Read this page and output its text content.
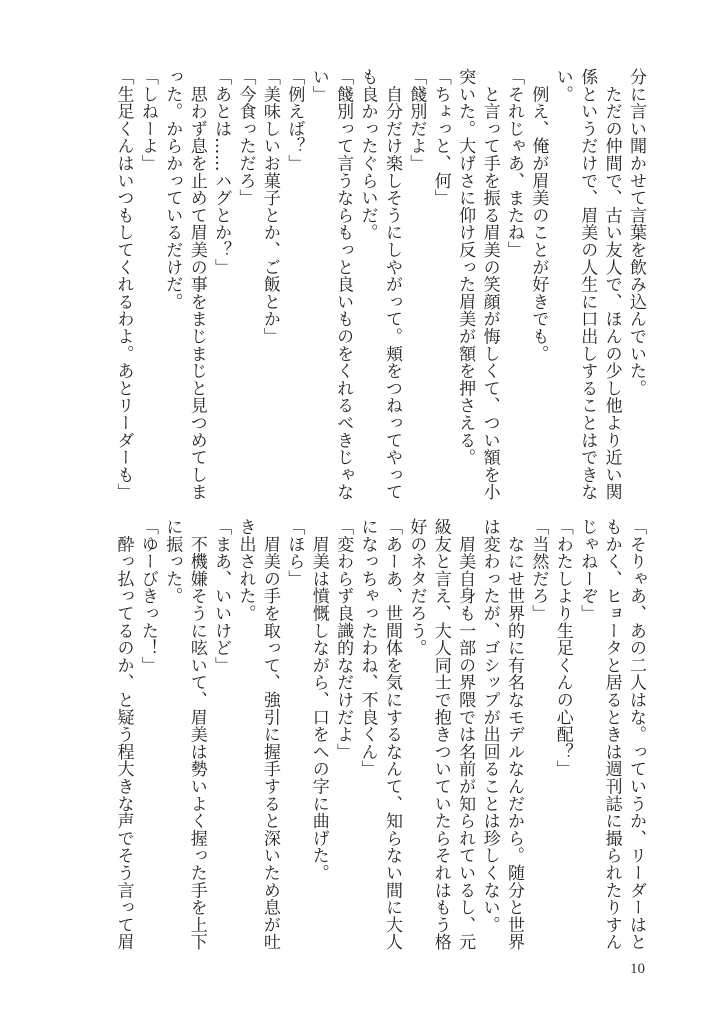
分に言い聞かせて言葉を飲み込んでいた。
　ただの仲間で、古い友人で、ほんの少し他より近い関
係というだけで、眉美の人生に口出しすることはできな
い。
　例え、俺が眉美のことが好きでも。
「それじゃあ、またね」
　と言って手を振る眉美の笑顔が悔しくて、つい額を小
突いた。大げさに仰け反った眉美が額を押さえる。
「ちょっと、何」
「餞別だよ」
　自分だけ楽しそうにしやがって。頬をつねってやって
も良かったぐらいだ。
「餞別って言うならもっと良いものをくれるべきじゃな
い」
「例えば？」
「美味しいお菓子とか、ご飯とか」
「今食っただろ」
「あとは……ハグとか？」
　思わず息を止めて眉美の事をまじまじと見つめてしま
った。からかっているだけだ。
「しねーよ」
「生足くんはいつもしてくれるわよ。あとリーダーも」
「そりゃあ、あの二人はな。っていうか、リーダーはと
もかく、ヒョータと居るときは週刊誌に撮られたりすん
じゃねーぞ」
「わたしより生足くんの心配？」
「当然だろ」
　なにせ世界的に有名なモデルなんだから。随分と世界
は変わったが、ゴシップが出回ることは珍しくない。
　眉美自身も一部の界隈では名前が知られているし、元
級友と言え、大人同士で抱きついていたらそれはもう格
好のネタだろう。
「あーあ、世間体を気にするなんて、知らない間に大人
になっちゃったわね、不良くん」
「変わらず良識的なだけだよ」
　眉美は憤慨しながら、口をへの字に曲げた。
「ほら」
　眉美の手を取って、強引に握手すると深いため息が吐
き出された。
「まあ、いいけど」
　不機嫌そうに呟いて、眉美は勢いよく握った手を上下
に振った。
「ゆーびきった！」
　酔っ払ってるのか、と疑う程大きな声でそう言って眉
10
